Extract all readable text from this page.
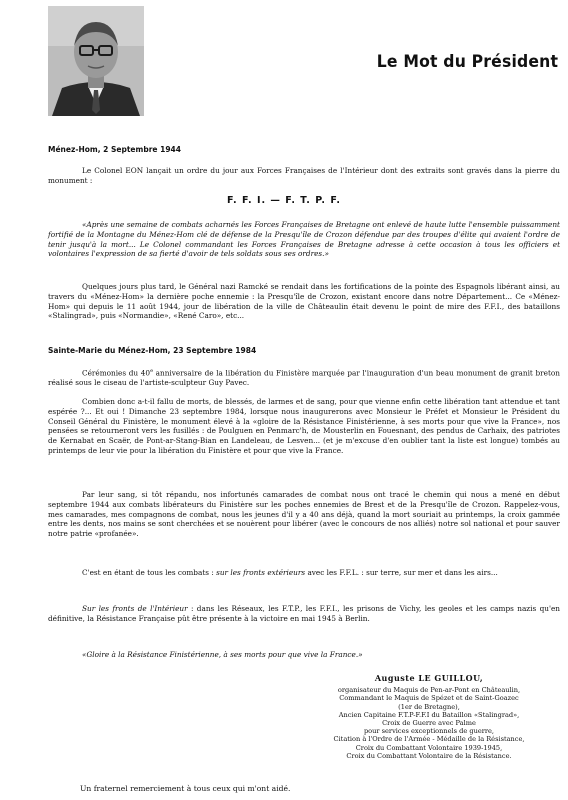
Le Mot du Président
Ménez-Hom, 2 Septembre 1944

Le Colonel EON lançait un ordre du jour aux Forces Françaises de l'Intérieur dont des extraits sont gravés dans la pierre du monument :

F. F. I. — F. T. P. F.

«Après une semaine de combats acharnés les Forces Françaises de Bretagne ont enlevé de haute lutte l'ensemble puissamment fortifié de la Montagne du Ménez-Hom clé de défense de la Presqu'île de Crozon défendue par des troupes d'élite qui avaient l'ordre de tenir jusqu'à la mort... Le Colonel commandant les Forces Françaises de Bretagne adresse à cette occasion à tous les officiers et volontaires l'expression de sa fierté d'avoir de tels soldats sous ses ordres.»

Quelques jours plus tard, le Général nazi Ramcké se rendait dans les fortifications de la pointe des Espagnols libérant ainsi, au travers du «Ménez-Hom» la dernière poche ennemie : la Presqu'île de Crozon, existant encore dans notre Département... Ce «Ménez-Hom» qui depuis le 11 août 1944, jour de libération de la ville de Châteaulin était devenu le point de mire des F.F.I., des bataillons «Stalingrad», puis «Normandie», «René Caro», etc...

Sainte-Marie du Ménez-Hom, 23 Septembre 1984

Cérémonies du 40e anniversaire de la libération du Finistère marquée par l'inauguration d'un beau monument de granit breton réalisé sous le ciseau de l'artiste-sculpteur Guy Pavec.

Combien donc a-t-il fallu de morts, de blessés, de larmes et de sang, pour que vienne enfin cette libération tant attendue et tant espérée ?... Et oui ! Dimanche 23 septembre 1984, lorsque nous inaugurerons avec Monsieur le Préfet et Monsieur le Président du Conseil Général du Finistère, le monument élevé à la «gloire de la Résistance Finistérienne, à ses morts pour que vive la France», nos pensées se retourneront vers les fusillés : de Poulguen en Penmarc'h, de Mousterlin en Fouesnant, des pendus de Carhaix, des patriotes de Kernabat en Scaër, de Pont-ar-Stang-Bian en Landeleau, de Lesven... (et je m'excuse d'en oublier tant la liste est longue) tombés au printemps de leur vie pour la libération du Finistère et pour que vive la France.

Par leur sang, si tôt répandu, nos infortunés camarades de combat nous ont tracé le chemin qui nous a mené en début septembre 1944 aux combats libérateurs du Finistère sur les poches ennemies de Brest et de la Presqu'île de Crozon. Rappelez-vous, mes camarades, mes compagnons de combat, nous les jeunes d'il y a 40 ans déjà, quand la mort souriait au printemps, la croix gammée entre les dents, nos mains se sont cherchées et se nouèrent pour libérer (avec le concours de nos alliés) notre sol national et pour sauver notre patrie «profanée».

C'est en étant de tous les combats : sur les fronts extérieurs avec les F.F.L. : sur terre, sur mer et dans les airs...

Sur les fronts de l'Intérieur : dans les Réseaux, les F.T.P., les F.F.I., les prisons de Vichy, les geoles et les camps nazis qu'en définitive, la Résistance Française pût être présente à la victoire en mai 1945 à Berlin.

«Gloire à la Résistance Finistérienne, à ses morts pour que vive la France.»

Auguste LE GUILLOU,
organisateur du Maquis de Pen-ar-Pont en Châteaulin,
Commandant le Maquis de Spézet et de Saint-Goazec
(1er de Bretagne),
Ancien Capitaine F.T.P-F.F.I du Bataillon «Stalingrad»,
Croix de Guerre avec Palme
pour services exceptionnels de guerre,
Citation à l'Ordre de l'Armée - Médaille de la Résistance,
Croix du Combattant Volontaire 1939-1945,
Croix du Combattant Volontaire de la Résistance.
Un fraternel remerciement à tous ceux qui m'ont aidé.
